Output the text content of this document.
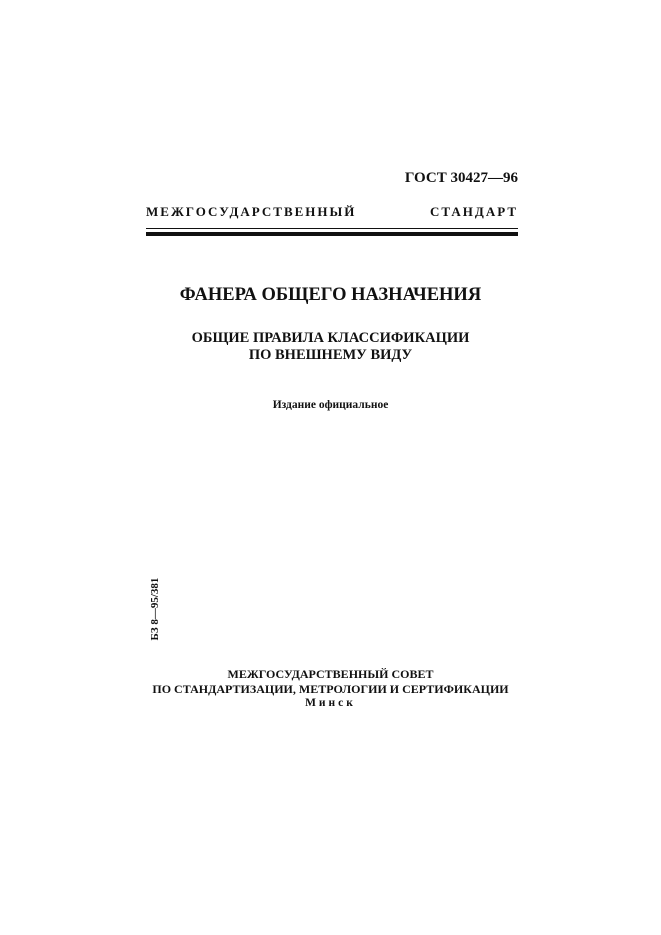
ГОСТ 30427—96
МЕЖГОСУДАРСТВЕННЫЙ СТАНДАРТ
ФАНЕРА ОБЩЕГО НАЗНАЧЕНИЯ
ОБЩИЕ ПРАВИЛА КЛАССИФИКАЦИИ
ПО ВНЕШНЕМУ ВИДУ
Издание официальное
БЗ 8—95/381
МЕЖГОСУДАРСТВЕННЫЙ СОВЕТ
ПО СТАНДАРТИЗАЦИИ, МЕТРОЛОГИИ И СЕРТИФИКАЦИИ
Минск
